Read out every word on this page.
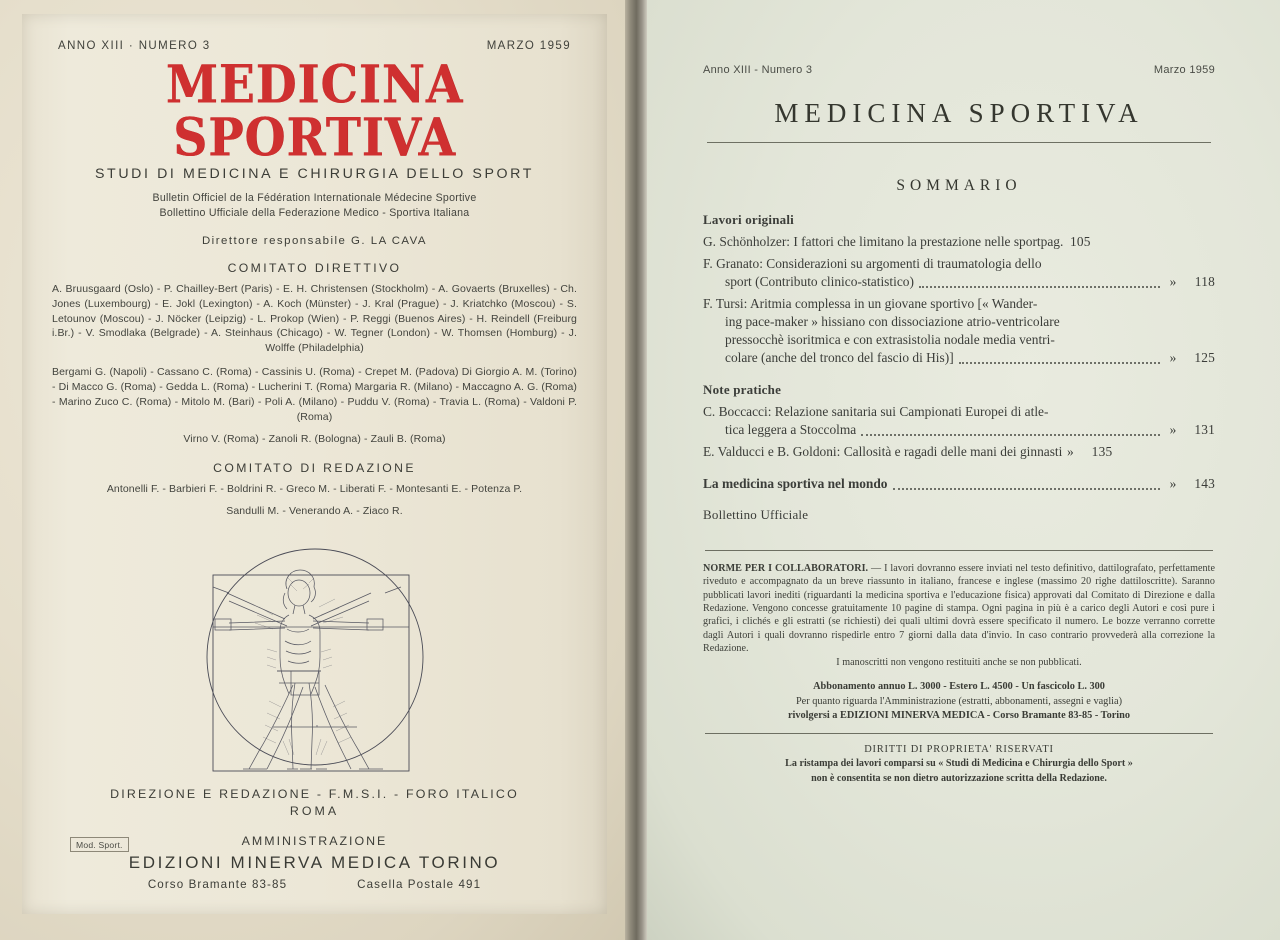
ANNO XIII · NUMERO 3	MARZO 1959
MEDICINA SPORTIVA
STUDI DI MEDICINA E CHIRURGIA DELLO SPORT
Bulletin Officiel de la Fédération Internationale Médecine Sportive
Bollettino Ufficiale della Federazione Medico - Sportiva Italiana
Direttore responsabile G. LA CAVA
COMITATO DIRETTIVO
A. Bruusgaard (Oslo) - P. Chailley-Bert (Paris) - E. H. Christensen (Stockholm) - A. Govaerts (Bruxelles) - Ch. Jones (Luxembourg) - E. Jokl (Lexington) - A. Koch (Münster) - J. Kral (Prague) - J. Kriatchko (Moscou) - S. Letounov (Moscou) - J. Nöcker (Leipzig) - L. Prokop (Wien) - P. Reggi (Buenos Aires) - H. Reindell (Freiburg i.Br.) - V. Smodlaka (Belgrade) - A. Steinhaus (Chicago) - W. Tegner (London) - W. Thomsen (Homburg) - J. Wolffe (Philadelphia)
Bergami G. (Napoli) - Cassano C. (Roma) - Cassinis U. (Roma) - Crepet M. (Padova) Di Giorgio A. M. (Torino) - Di Macco G. (Roma) - Gedda L. (Roma) - Lucherini T. (Roma) Margaria R. (Milano) - Maccagno A. G. (Roma) - Marino Zuco C. (Roma) - Mitolo M. (Bari) - Poli A. (Milano) - Puddu V. (Roma) - Travia L. (Roma) - Valdoni P. (Roma)
Virno V. (Roma) - Zanoli R. (Bologna) - Zauli B. (Roma)
COMITATO DI REDAZIONE
Antonelli F. - Barbieri F. - Boldrini R. - Greco M. - Liberati F. - Montesanti E. - Potenza P.
Sandulli M. - Venerando A. - Ziaco R.
DIREZIONE E REDAZIONE - F.M.S.I. - FORO ITALICO
ROMA
AMMINISTRAZIONE
EDIZIONI MINERVA MEDICA TORINO
Corso Bramante 83-85	Casella Postale 491
Mod. Sport.
Anno XIII - Numero 3	Marzo 1959
MEDICINA SPORTIVA
SOMMARIO
Lavori originali
G. Schönholzer: I fattori che limitano la prestazione nelle sport pag. 105
F. Granato: Considerazioni su argomenti di traumatologia dello
sport (Contributo clinico-statistico)	»	118
F. Tursi: Aritmia complessa in un giovane sportivo [« Wander-
ing pace-maker » hissiano con dissociazione atrio-ventricolare
pressocchè isoritmica e con extrasistolia nodale media ventri-
colare (anche del tronco del fascio di His)]	»	125
Note pratiche
C. Boccacci: Relazione sanitaria sui Campionati Europei di atle-
tica leggera a Stoccolma	»	131
E. Valducci e B. Goldoni: Callosità e ragadi delle mani dei ginnasti »	135
La medicina sportiva nel mondo	»	143
Bollettino Ufficiale
NORME PER I COLLABORATORI. — I lavori dovranno essere inviati nel testo definitivo, dattilografato, perfettamente riveduto e accompagnato da un breve riassunto in italiano, francese e inglese (massimo 20 righe dattiloscritte). Saranno pubblicati lavori inediti (riguardanti la medicina sportiva e l'educazione fisica) approvati dal Comitato di Direzione e dalla Redazione. Vengono concesse gratuitamente 10 pagine di stampa. Ogni pagina in più è a carico degli Autori e così pure i grafici, i clichés e gli estratti (se richiesti) dei quali ultimi dovrà essere specificato il numero. Le bozze verranno corrette dagli Autori i quali dovranno rispedirle entro 7 giorni dalla data d'invio. In caso contrario provvederà alla correzione la Redazione.
I manoscritti non vengono restituiti anche se non pubblicati.
Abbonamento annuo L. 3000 - Estero L. 4500 - Un fascicolo L. 300
Per quanto riguarda l'Amministrazione (estratti, abbonamenti, assegni e vaglia)
rivolgersi a EDIZIONI MINERVA MEDICA - Corso Bramante 83-85 - Torino
DIRITTI DI PROPRIETA' RISERVATI
La ristampa dei lavori comparsi su « Studi di Medicina e Chirurgia dello Sport »
non è consentita se non dietro autorizzazione scritta della Redazione.
